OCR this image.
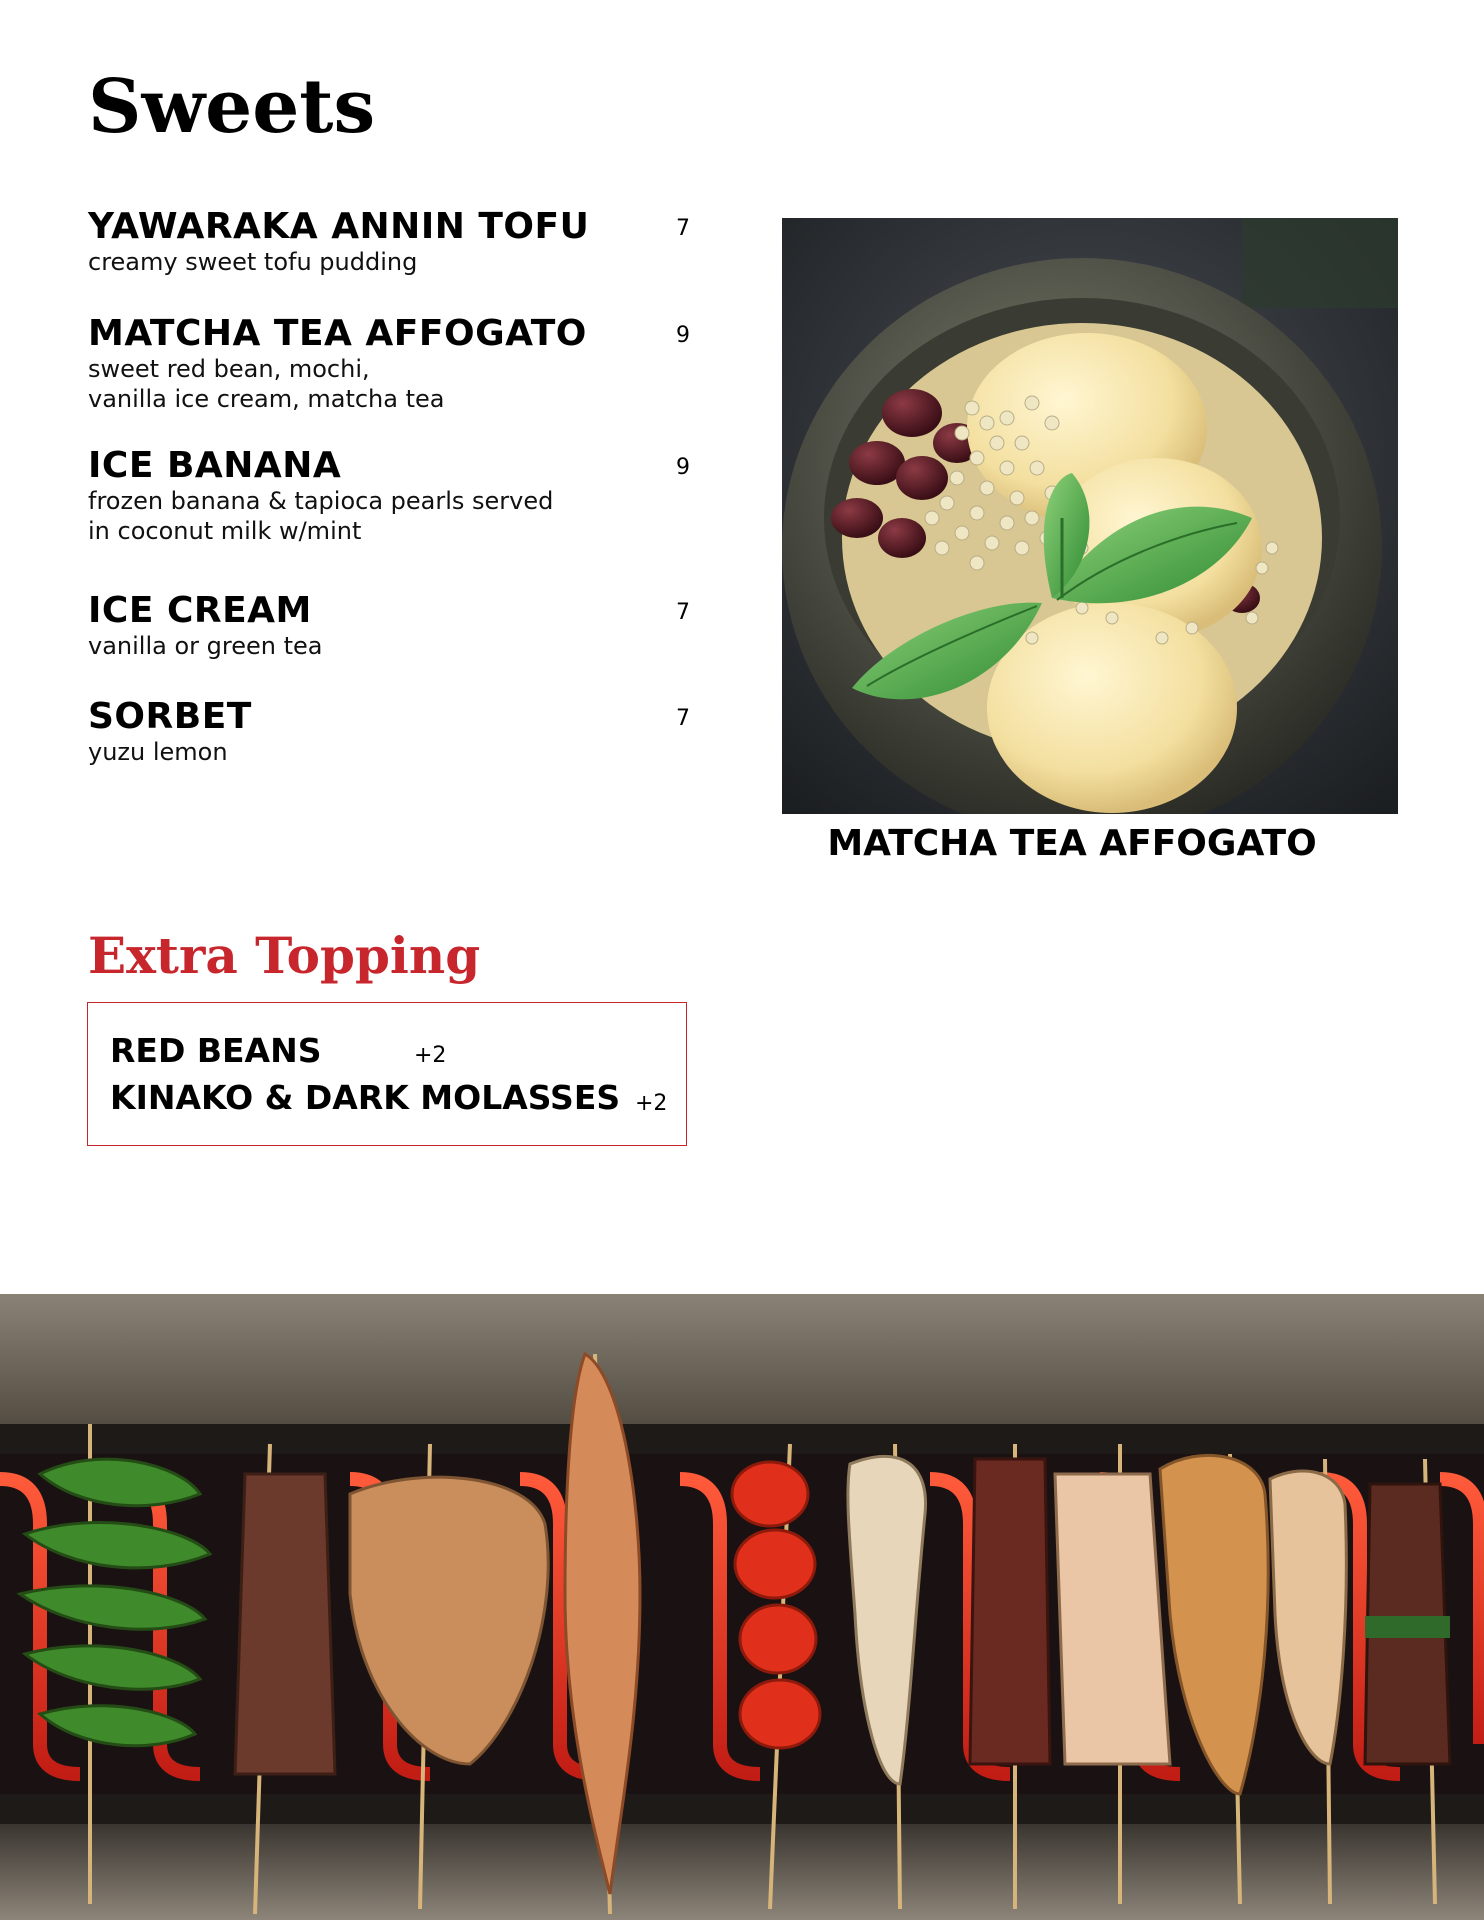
Sweets
YAWARAKA ANNIN TOFU	7
creamy sweet tofu pudding
MATCHA TEA AFFOGATO	9
sweet red bean, mochi,
vanilla ice cream, matcha tea
ICE BANANA	9
frozen banana & tapioca pearls served
in coconut milk w/mint
ICE CREAM	7
vanilla or green tea
SORBET	7
yuzu lemon
MATCHA TEA AFFOGATO
Extra Topping
RED BEANS	+2
KINAKO & DARK MOLASSES +2
